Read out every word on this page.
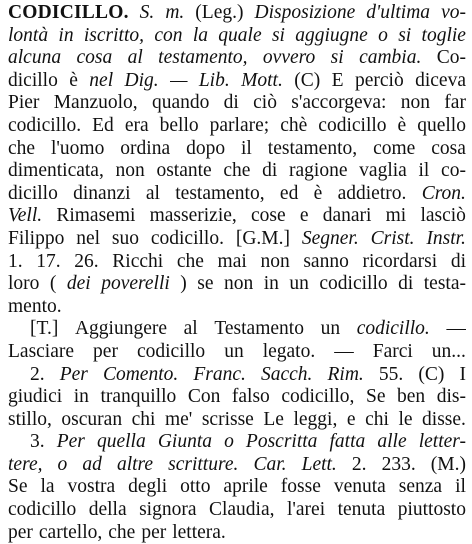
CODICILLO. S. m. (Leg.) Disposizione d'ultima vo-
lontà in iscritto, con la quale si aggiugne o si toglie
alcuna cosa al testamento, ovvero si cambia. Co-
dicillo è nel Dig. — Lib. Mott. (C) E perciò diceva
Pier Manzuolo, quando di ciò s'accorgeva: non far
codicillo. Ed era bello parlare; chè codicillo è quello
che l'uomo ordina dopo il testamento, come cosa
dimenticata, non ostante che di ragione vaglia il co-
dicillo dinanzi al testamento, ed è addietro. Cron.
Vell. Rimasemi masserizie, cose e danari mi lasciò
Filippo nel suo codicillo. [G.M.] Segner. Crist. Instr.
1. 17. 26. Ricchi che mai non sanno ricordarsi di
loro ( dei poverelli ) se non in un codicillo di testa-
mento.
[T.] Aggiungere al Testamento un codicillo. —
Lasciare per codicillo un legato. — Farci un...
2. Per Comento. Franc. Sacch. Rim. 55. (C) I
giudici in tranquillo Con falso codicillo, Se ben dis-
stillo, oscuran chi me' scrisse Le leggi, e chi le disse.
3. Per quella Giunta o Poscritta fatta alle letter-
tere, o ad altre scritture. Car. Lett. 2. 233. (M.)
Se la vostra degli otto aprile fosse venuta senza il
codicillo della signora Claudia, l'arei tenuta piuttosto
per cartello, che per lettera.
